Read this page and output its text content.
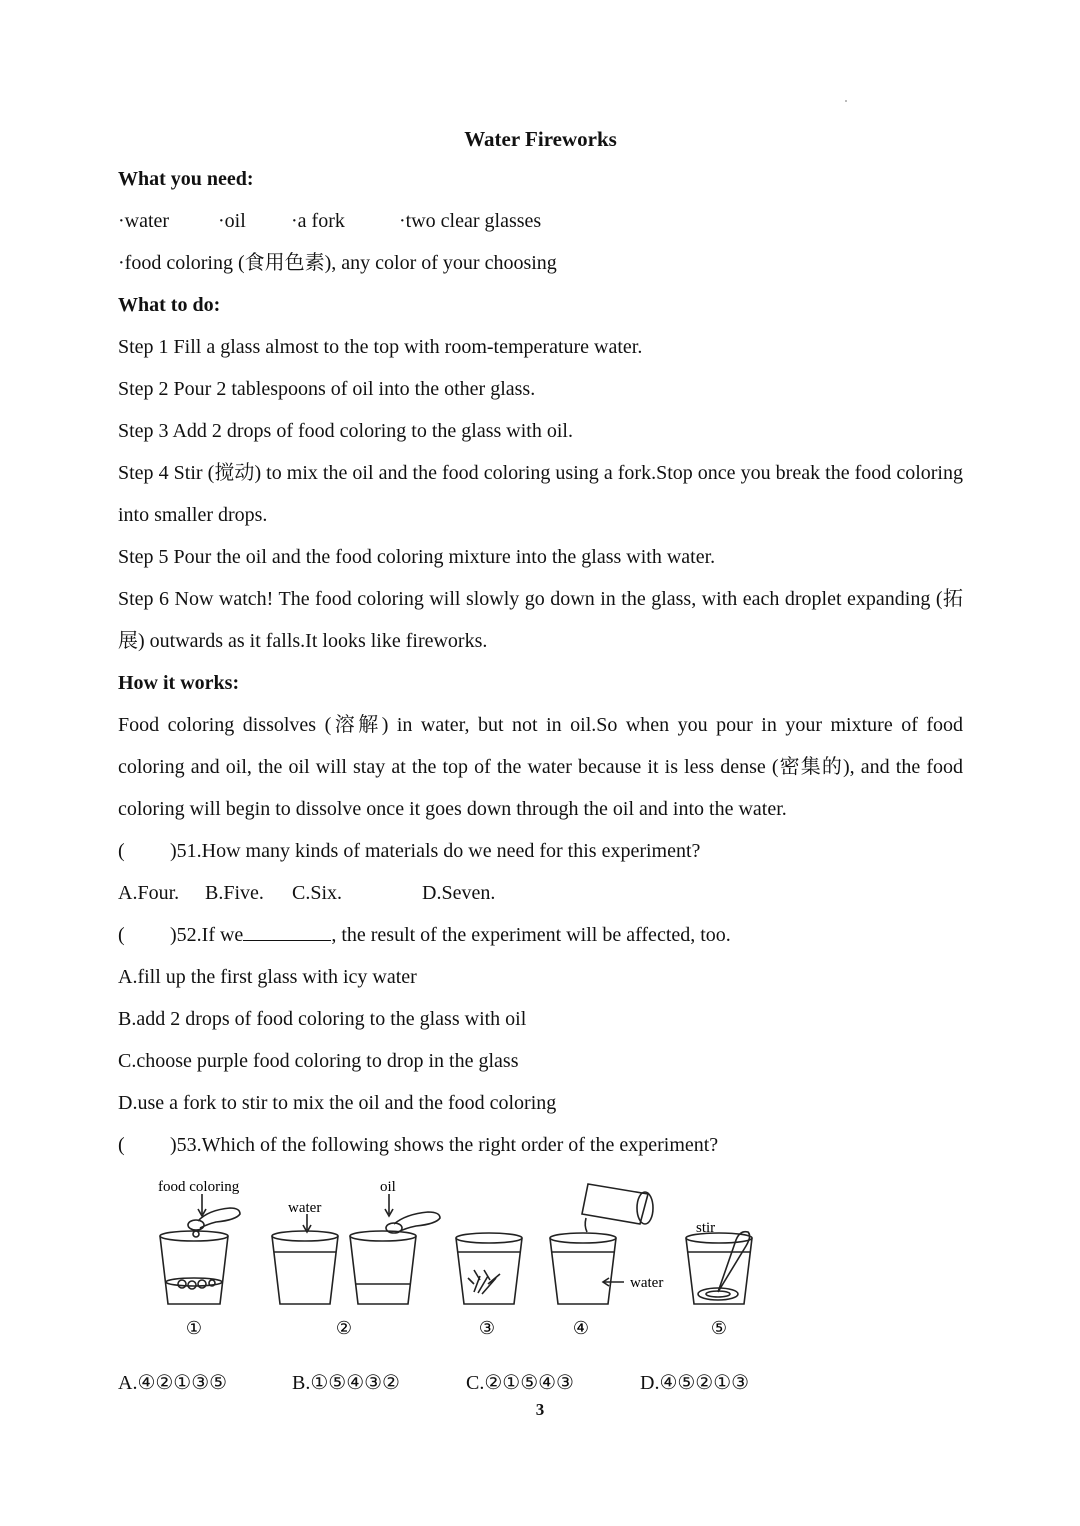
Water Fireworks
What you need:
·water ·oil ·a fork	·two clear glasses
·food coloring (食用色素), any color of your choosing
What to do:
Step 1 Fill a glass almost to the top with room-temperature water.
Step 2 Pour 2 tablespoons of oil into the other glass.
Step 3 Add 2 drops of food coloring to the glass with oil.
Step 4 Stir (搅动) to mix the oil and the food coloring using a fork.Stop once you break the food coloring into smaller drops.
Step 5 Pour the oil and the food coloring mixture into the glass with water.
Step 6 Now watch! The food coloring will slowly go down in the glass, with each droplet expanding (拓展) outwards as it falls.It looks like fireworks.
How it works:
Food coloring dissolves (溶解) in water, but not in oil.So when you pour in your mixture of food coloring and oil, the oil will stay at the top of the water because it is less dense (密集的), and the food coloring will begin to dissolve once it goes down through the oil and into the water.
( )51.How many kinds of materials do we need for this experiment?
A.Four. B.Five. C.Six.	D.Seven.
( )52.If we	, the result of the experiment will be affected, too.
A.fill up the first glass with icy water
B.add 2 drops of food coloring to the glass with oil
C.choose purple food coloring to drop in the glass
D.use a fork to stir to mix the oil and the food coloring
( )53.Which of the following shows the right order of the experiment?
food coloring
water
oil
water
stir
①	②	③	④	⑤
A.④②①③⑤	B.①⑤④③②	C.②①⑤④③	D.④⑤②①③
3
